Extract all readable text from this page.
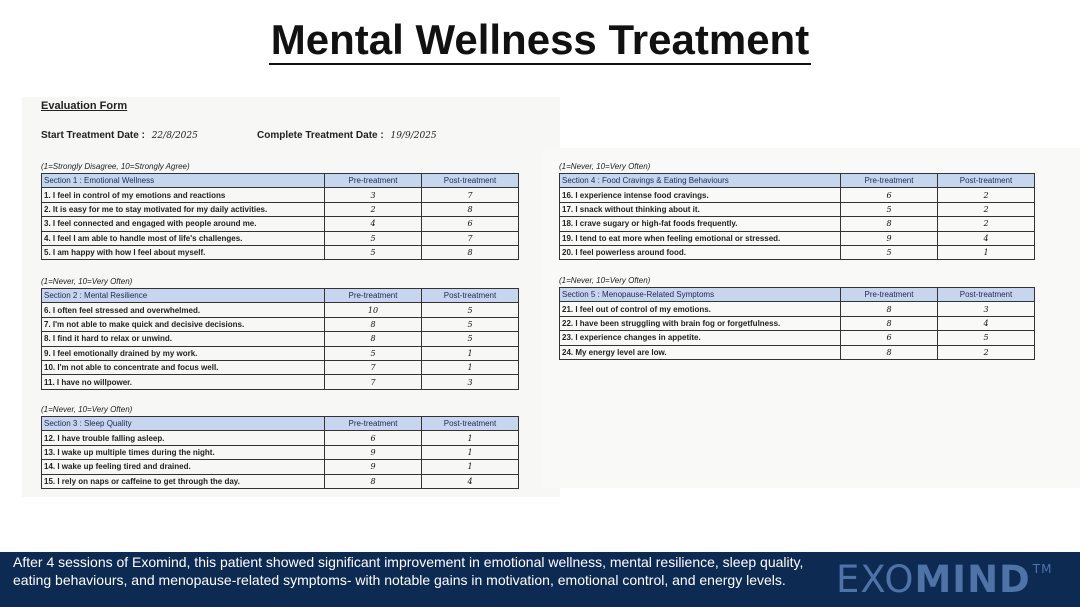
Mental Wellness Treatment
Evaluation Form
Start Treatment Date : 22/8/2025	Complete Treatment Date : 19/9/2025
(1=Strongly Disagree, 10=Strongly Agree)
Section 1 : Emotional Wellness	Pre-treatment	Post-treatment
1. I feel in control of my emotions and reactions	3	7
2. It is easy for me to stay motivated for my daily activities.	2	8
3. I feel connected and engaged with people around me.	4	6
4. I feel I am able to handle most of life's challenges.	5	7
5. I am happy with how I feel about myself.	5	8
(1=Never, 10=Very Often)
Section 2 : Mental Resilience	Pre-treatment	Post-treatment
6. I often feel stressed and overwhelmed.	10	5
7. I'm not able to make quick and decisive decisions.	8	5
8. I find it hard to relax or unwind.	8	5
9. I feel emotionally drained by my work.	5	1
10. I'm not able to concentrate and focus well.	7	1
11. I have no willpower.	7	3
(1=Never, 10=Very Often)
Section 3 : Sleep Quality	Pre-treatment	Post-treatment
12. I have trouble falling asleep.	6	1
13. I wake up multiple times during the night.	9	1
14. I wake up feeling tired and drained.	9	1
15. I rely on naps or caffeine to get through the day.	8	4
(1=Never, 10=Very Often)
Section 4 : Food Cravings & Eating Behaviours	Pre-treatment	Post-treatment
16. I experience intense food cravings.	6	2
17. I snack without thinking about it.	5	2
18. I crave sugary or high-fat foods frequently.	8	2
19. I tend to eat more when feeling emotional or stressed.	9	4
20. I feel powerless around food.	5	1
(1=Never, 10=Very Often)
Section 5 : Menopause-Related Symptoms	Pre-treatment	Post-treatment
21. I feel out of control of my emotions.	8	3
22. I have been struggling with brain fog or forgetfulness.	8	4
23. I experience changes in appetite.	6	5
24. My energy level are low.	8	2
After 4 sessions of Exomind, this patient showed significant improvement in emotional wellness, mental resilience, sleep quality, eating behaviours, and menopause-related symptoms- with notable gains in motivation, emotional control, and energy levels.	EXOMIND ™
